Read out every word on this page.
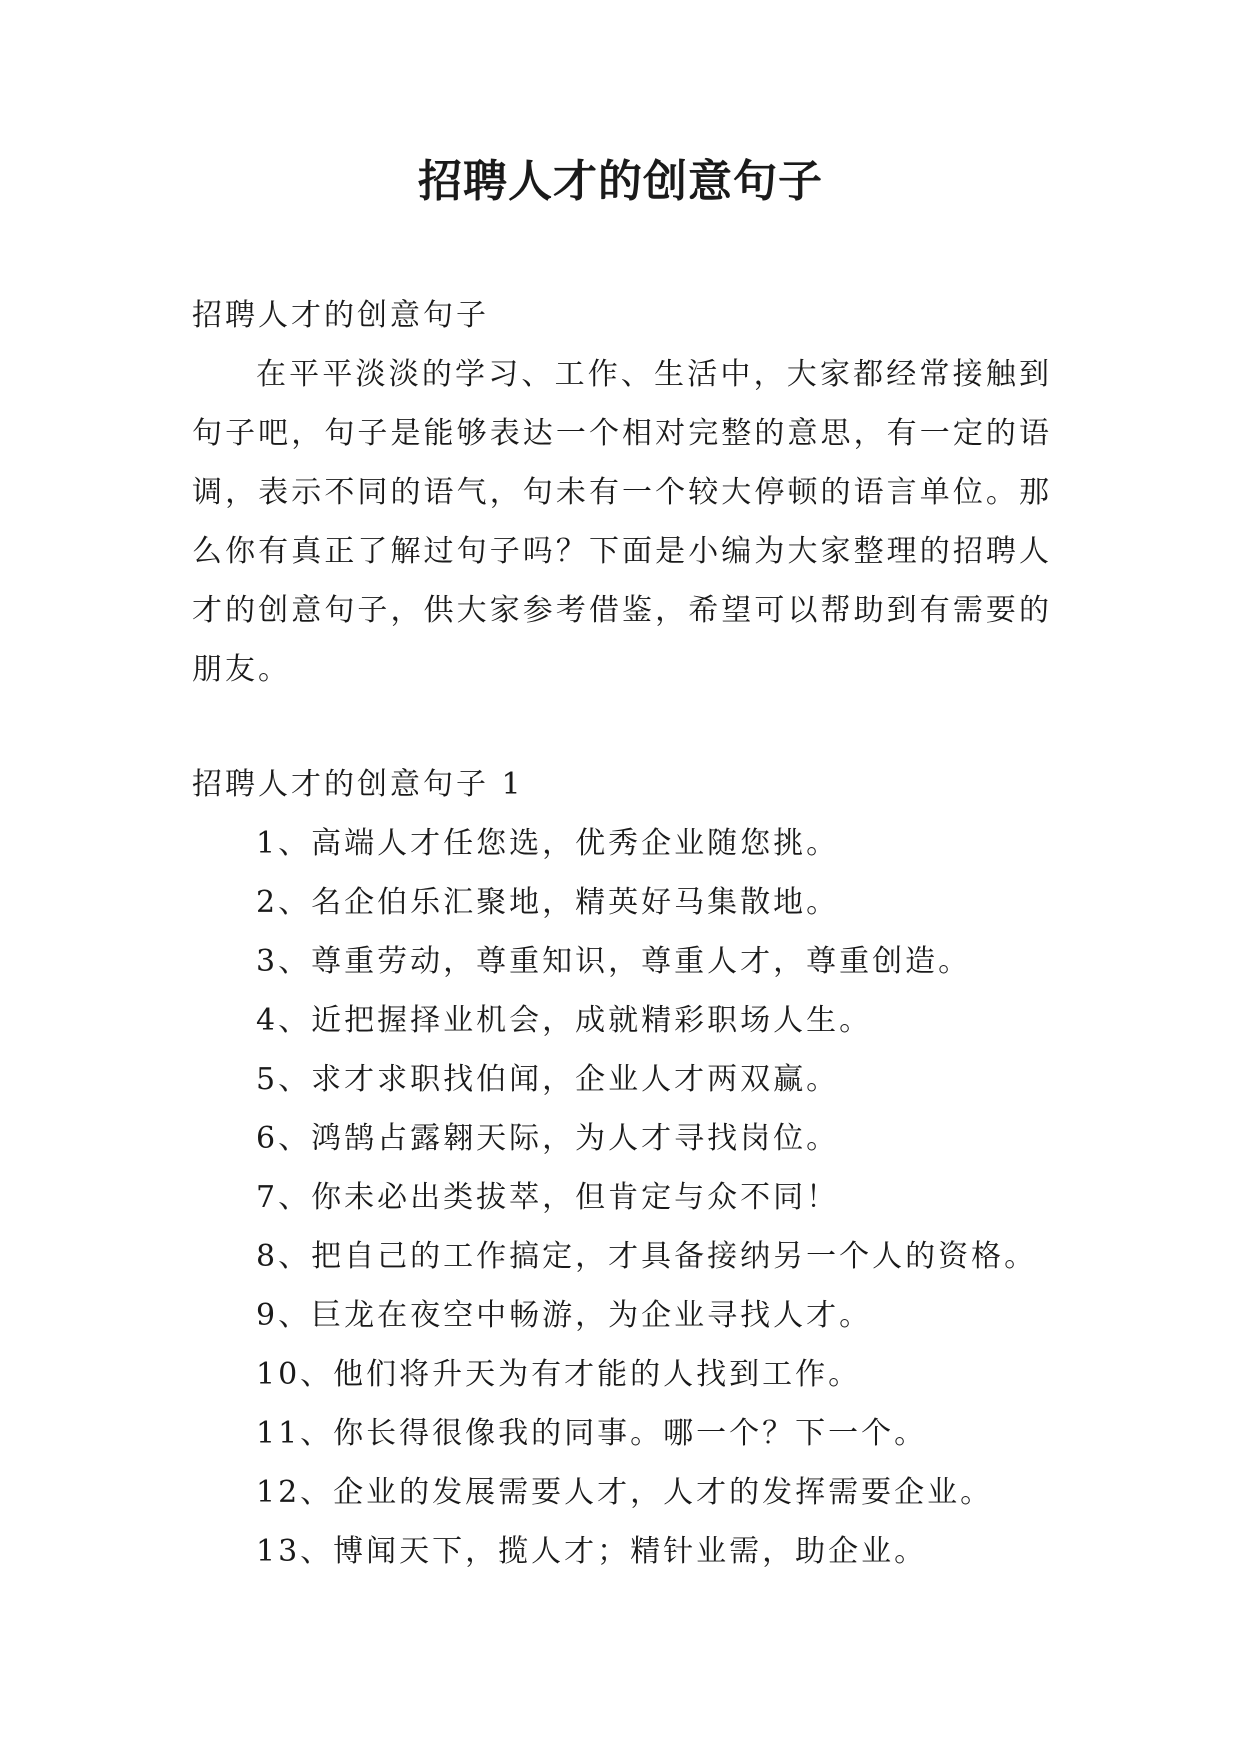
招聘人才的创意句子
招聘人才的创意句子

在平平淡淡的学习、工作、生活中，大家都经常接触到句子吧，句子是能够表达一个相对完整的意思，有一定的语调，表示不同的语气，句未有一个较大停顿的语言单位。那么你有真正了解过句子吗？下面是小编为大家整理的招聘人才的创意句子，供大家参考借鉴，希望可以帮助到有需要的朋友。

招聘人才的创意句子 1
1、高端人才任您选，优秀企业随您挑。
2、名企伯乐汇聚地，精英好马集散地。
3、尊重劳动，尊重知识，尊重人才，尊重创造。
4、近把握择业机会，成就精彩职场人生。
5、求才求职找伯闻，企业人才两双赢。
6、鸿鹄占露翱天际，为人才寻找岗位。
7、你未必出类拔萃，但肯定与众不同！
8、把自己的工作搞定，才具备接纳另一个人的资格。
9、巨龙在夜空中畅游，为企业寻找人才。
10、他们将升天为有才能的人找到工作。
11、你长得很像我的同事。哪一个？下一个。
12、企业的发展需要人才，人才的发挥需要企业。
13、博闻天下，揽人才；精针业需，助企业。
